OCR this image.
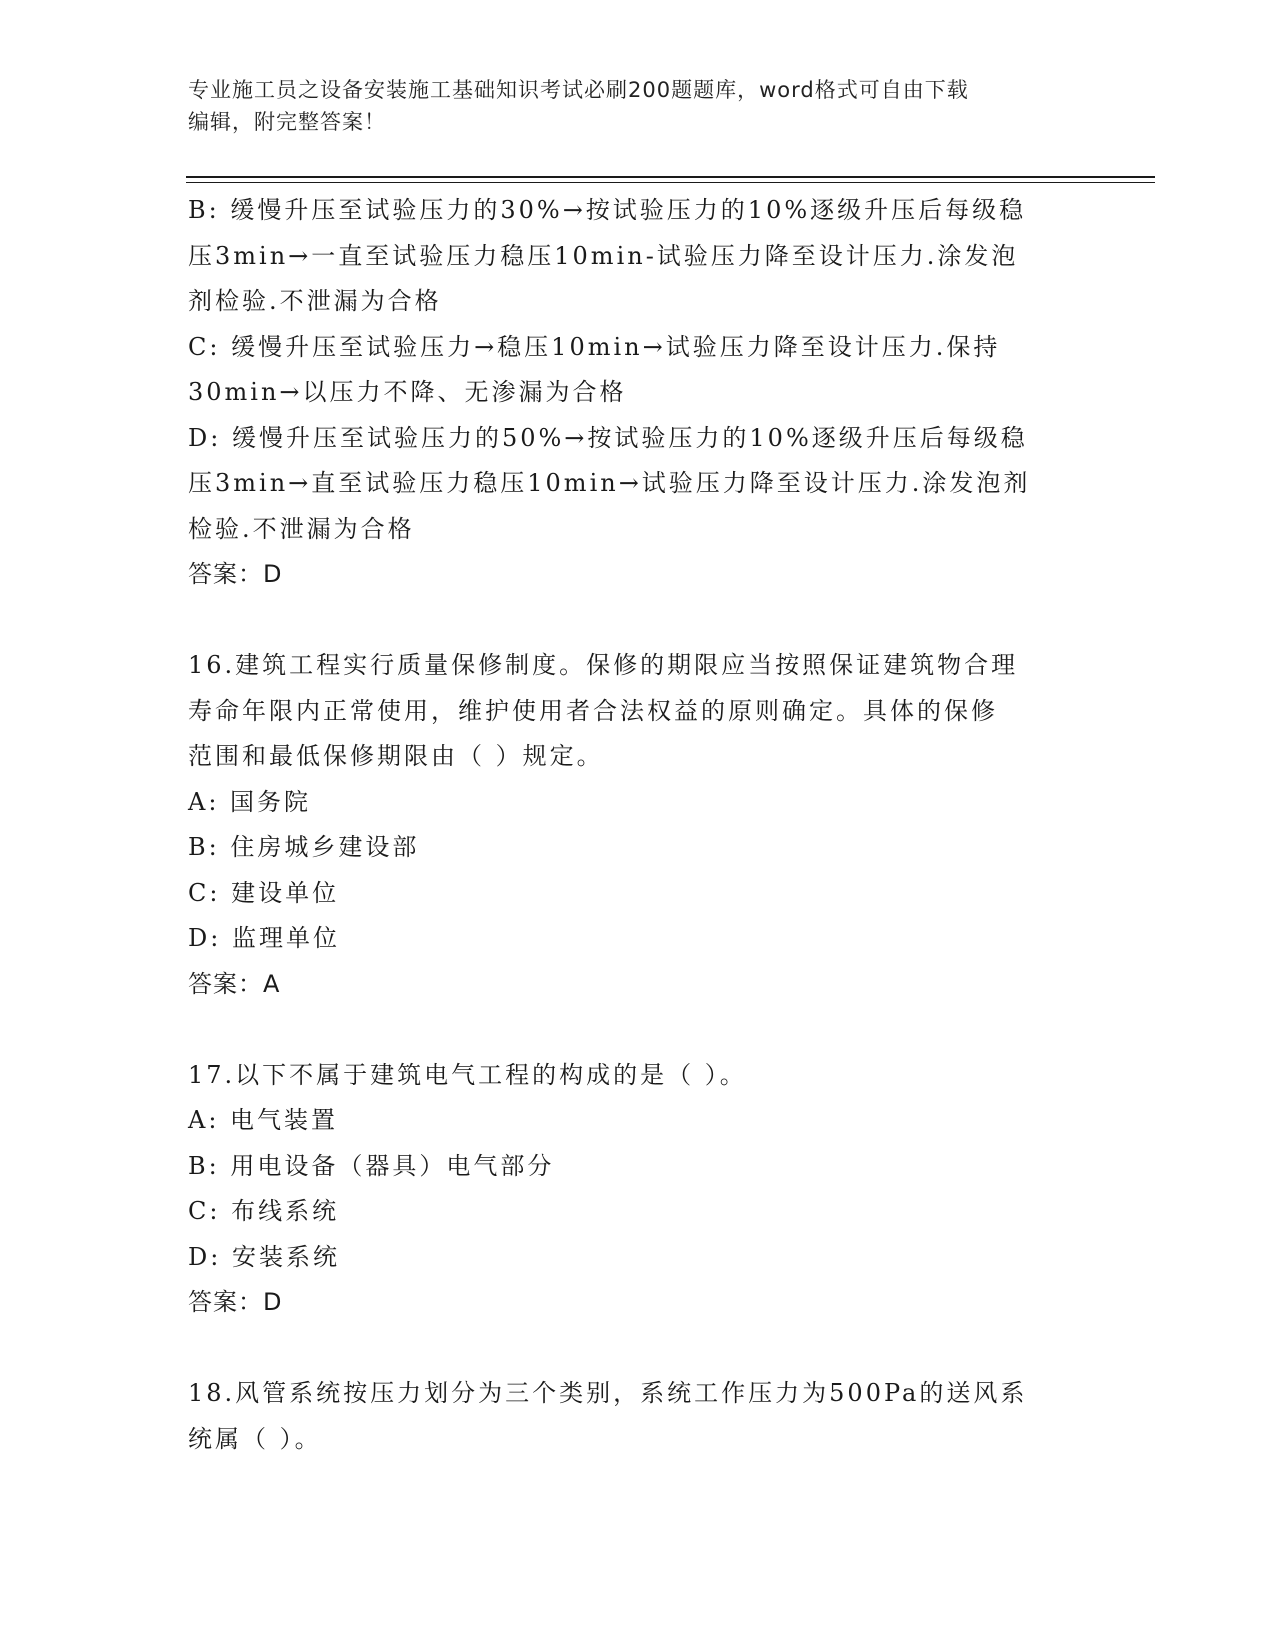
专业施工员之设备安装施工基础知识考试必刷200题题库，word格式可自由下载
编辑，附完整答案！
B: 缓慢升压至试验压力的30%→按试验压力的10%逐级升压后每级稳
压3min→一直至试验压力稳压10min-试验压力降至设计压力.涂发泡
剂检验.不泄漏为合格
C: 缓慢升压至试验压力→稳压10min→试验压力降至设计压力.保持
30min→以压力不降、无渗漏为合格
D: 缓慢升压至试验压力的50%→按试验压力的10%逐级升压后每级稳
压3min→直至试验压力稳压10min→试验压力降至设计压力.涂发泡剂
检验.不泄漏为合格
答案：D
16.建筑工程实行质量保修制度。保修的期限应当按照保证建筑物合理
寿命年限内正常使用，维护使用者合法权益的原则确定。具体的保修
范围和最低保修期限由（ ）规定。
A: 国务院
B: 住房城乡建设部
C: 建设单位
D: 监理单位
答案：A
17.以下不属于建筑电气工程的构成的是（ ）。
A: 电气装置
B: 用电设备（器具）电气部分
C: 布线系统
D: 安装系统
答案：D
18.风管系统按压力划分为三个类别，系统工作压力为500Pa的送风系
统属（ ）。
